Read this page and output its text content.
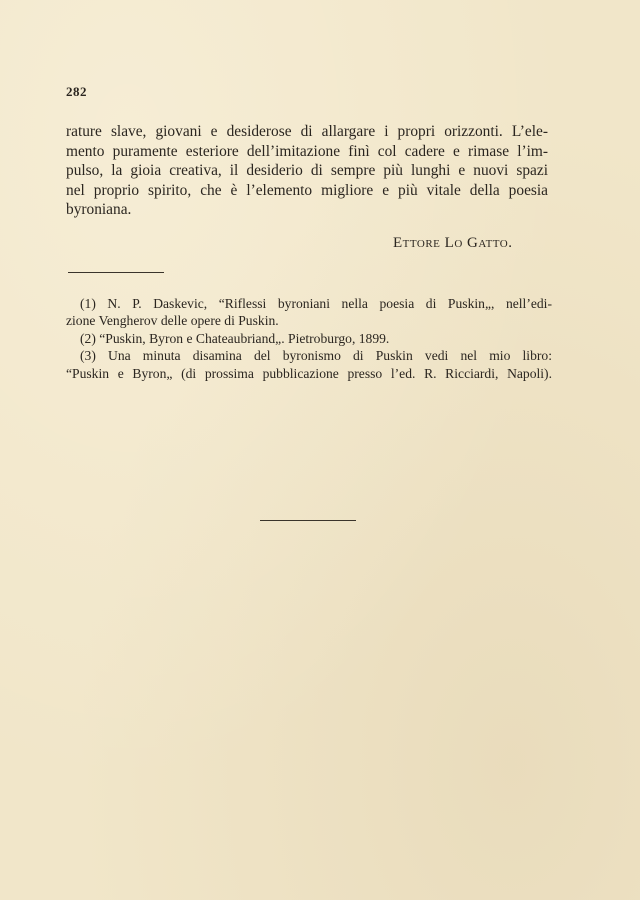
282
rature slave, giovani e desiderose di allargare i propri orizzonti. L’ele-
mento puramente esteriore dell’imitazione finì col cadere e rimase l’im-
pulso, la gioia creativa, il desiderio di sempre più lunghi e nuovi spazi
nel proprio spirito, che è l’elemento migliore e più vitale della poesia
byroniana.
Ettore Lo Gatto.
(1) N. P. Daskevic, “Riflessi byroniani nella poesia di Puskin„, nell’edi-
zione Vengherov delle opere di Puskin.
(2) “Puskin, Byron e Chateaubriand„. Pietroburgo, 1899.
(3) Una minuta disamina del byronismo di Puskin vedi nel mio libro:
“Puskin e Byron„ (di prossima pubblicazione presso l’ed. R. Ricciardi, Napoli).
